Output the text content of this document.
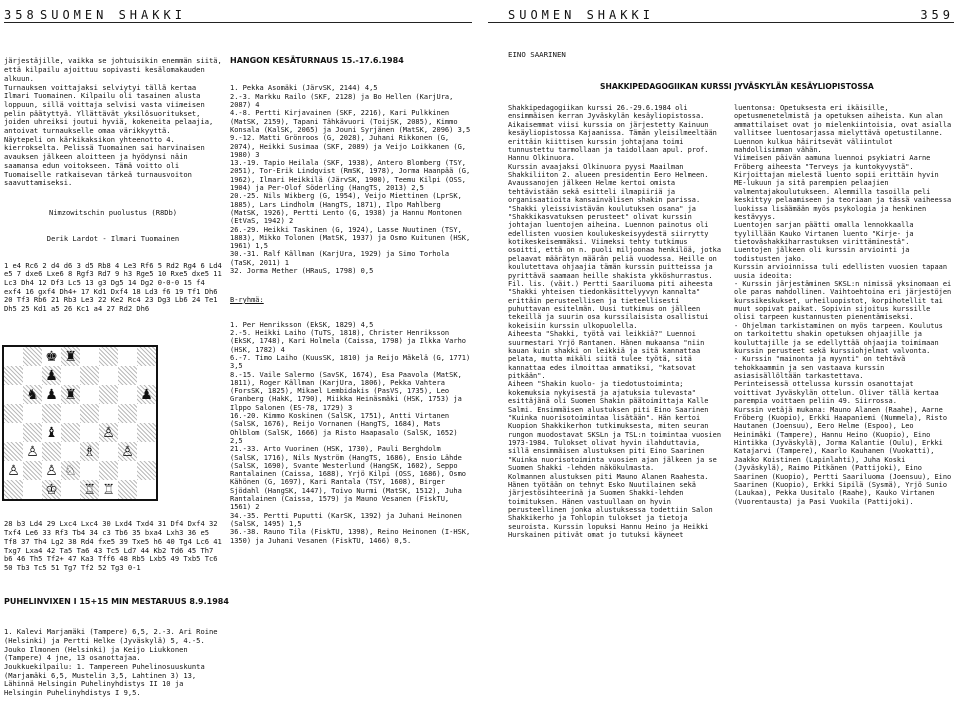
358 SUOMEN SHAKKI

järjestäjille, vaikka se johtuisikin enemmän siitä, että kilpailu ajoittuu sopivasti kesälomakauden alkuun.
Turnauksen voittajaksi selviytyi tällä kertaa Ilmari Tuomainen. Kilpailu oli tasainen alusta loppuun, sillä voittaja selvisi vasta viimeisen pelin päätyttyä. Yllättävät yksilösuoritukset, joiden uhreiksi joutui hyviä, kokeneita pelaajia, antoivat turnaukselle omaa värikkyyttä.
Näytepeli on kärkikaksikon yhteenotto 4. kierrokselta. Pelissä Tuomainen sai harvinaisen avauksen jälkeen aloitteen ja hyödynsi näin saamansa edun voitokseen. Tämä voitto oli Tuomaiselle ratkaisevan tärkeä turnausvoiton saavuttamiseksi.

Nimzowitschin puolustus (R8Db)

Derik Lardot - Ilmari Tuomainen

1 e4 Rc6 2 d4 d6 3 d5 Rb8 4 Le3 Rf6 5 Rd2 Rg4 6 Ld4 e5 7 dxe6 Lxe6 8 Rgf3 Rd7 9 h3 Rge5 10 Rxe5 dxe5 11 Lc3 Dh4 12 Df3 Lc5 13 g3 Dg5 14 Dg2 0-0-0 15 f4 exf4 16 gxf4 Dh4+ 17 Kd1 Dxf4 18 Ld3 f6 19 Tf1 Dh6 20 Tf3 Rb6 21 Rb3 Le3 22 Ke2 Rc4 23 Dg3 Lb6 24 Te1 Dh5 25 Kd1 a5 26 Kc1 a4 27 Rd2 Dh6

♚ ♜
♟
♞ ♟ ♜	♟
♝	♙
♙	♗ ♙
♙ ♙ ♘
♔ ♖ ♖

28 b3 Ld4 29 Lxc4 Lxc4 30 Lxd4 Txd4 31 Df4 Dxf4 32 Txf4 Le6 33 Rf3 Tb4 34 c3 Tb6 35 bxa4 Lxh3 36 e5 Tf8 37 Th4 Lg2 38 Rd4 fxe5 39 Txe5 h6 40 Tg4 Lc6 41 Txg7 Lxa4 42 Ta5 Ta6 43 Tc5 Ld7 44 Kb2 Td6 45 Th7 b6 46 Th5 Tf2+ 47 Ka3 Tff6 48 Rb5 Lxb5 49 Txb5 Tc6 50 Tb3 Tc5 51 Tg7 Tf2 52 Tg3 0-1

PUHELINVIXEN I 15+15 MIN MESTARUUS 8.9.1984

1. Kalevi Marjamäki (Tampere) 6,5, 2.-3. Ari Roine (Helsinki) ja Pertti Helke (Jyväskylä) 5, 4.-5. Jouko Ilmonen (Helsinki) ja Keijo Liukkonen (Tampere) 4 jne, 13 osanottajaa.
Joukkuekilpailu: 1. Tampereen Puhelinosuuskunta (Marjamäki 6,5, Mustelin 3,5, Lahtinen 3) 13, Lähinnä Helsingin Puhelinyhdistys II 10 ja Helsingin Puhelinyhdistys I 9,5.

HANGON KESÄTURNAUS 15.-17.6.1984

1. Pekka Asomäki (JärvSK, 2144) 4,5
2.-3. Markku Railo (SKF, 2128) ja Bo Hellen (KarjUra, 2087) 4
4.-8. Pertti Kirjavainen (SKF, 2216), Kari Pulkkinen (MatSK, 2159), Tapani Tähkävuori (ToijSK, 2085), Kimmo Konsala (KalSK, 2065) ja Jouni Syrjänen (MatSK, 2096) 3,5
9.-12. Matti Grönroos (G, 2028), Juhani Rikkonen (G, 2074), Heikki Susimaa (SKF, 2089) ja Veijo Loikkanen (G, 1980) 3
13.-19. Tapio Heilala (SKF, 1938), Antero Blomberg (TSY, 2051), Tor-Erik Lindqvist (RmSK, 1978), Jorma Haanpää (G, 1962), Ilmari Heikkilä (JärvSK, 1900), Teemu Kilpi (OSS, 1904) ja Per-Olof Söderling (HangTS, 2013) 2,5
20.-25. Nils Wikberg (G, 1954), Veijo Miettinen (LprSK, 1885), Lars Lindholm (HangTS, 1871), Ilpo Mahlberg (MatSK, 1926), Pertti Lento (G, 1938) ja Hannu Montonen (EtVaS, 1942) 2
26.-29. Heikki Taskinen (G, 1924), Lasse Nuutinen (TSY, 1883), Mikko Tolonen (MatSK, 1937) ja Osmo Kuitunen (HSK, 1961) 1,5
30.-31. Ralf Källman (KarjUra, 1929) ja Simo Torhola (TaSK, 2011) 1
32. Jorma Mether (HRauS, 1798) 0,5

B-ryhmä:

1. Per Henriksson (EkSK, 1829) 4,5
2.-5. Heikki Laiho (TuTS, 1818), Christer Henriksson (EkSK, 1748), Kari Holmela (Caissa, 1798) ja Ilkka Varho (HSK, 1782) 4
6.-7. Timo Laiho (KuusSK, 1810) ja Reijo Mäkelä (G, 1771) 3,5
8.-15. Vaile Salermo (SavSK, 1674), Esa Paavola (MatSK, 1811), Roger Källman (KarjUra, 1806), Pekka Vahtera (ForsSK, 1825), Mikael Lembidakis (PasVS, 1735), Leo Granberg (HakK, 1790), Miikka Heinäsmäki (HSK, 1753) ja Ilppo Salonen (ES-78, 1729) 3
16.-20. Kimmo Koskinen (SalSK, 1751), Antti Virtanen (SalSK, 1676), Reijo Vornanen (HangTS, 1684), Mats Ohlblom (SalSK, 1666) ja Risto Haapasalo (SalSK, 1652) 2,5
21.-33. Arto Vuorinen (HSK, 1730), Pauli Berghdolm (SalSK, 1716), Nils Nyström (HangTS, 1686), Ensio Lähde (SalSK, 1690), Svante Westerlund (HangSK, 1602), Seppo Rantalainen (Caissa, 1688), Yrjö Kilpi (OSS, 1686), Osmo Kähönen (G, 1697), Kari Rantala (TSY, 1608), Birger Sjödahl (HangSK, 1447), Toivo Nurmi (MatSK, 1512), Juha Rantalainen (Caissa, 1579) ja Mauno Vesanen (FiskTU, 1561) 2
34.-35. Pertti Puputti (KarSK, 1392) ja Juhani Heinonen (SalSK, 1495) 1,5
36.-38. Rauno Tila (FiskTU, 1398), Reino Heinonen (I-HSK, 1350) ja Juhani Vesanen (FiskTU, 1466) 0,5.

SUOMEN SHAKKI	359
EINO SAARINEN
SHAKKIPEDAGOGIIKAN KURSSI JYVÄSKYLÄN KESÄYLIOPISTOSSA
Shakkipedagogiikan kurssi 26.-29.6.1984 oli ensimmäisen kerran Jyväskylän kesäyliopistossa. Aikaisemmat viisi kurssia on järjestetty Kainuun kesäyliopistossa Kajaanissa. Tämän yleisilmeeltään erittäin kiittisen kurssin johtajana toimi tunnustettu tarmollaan ja taidollaan apul. prof. Hannu Olkinuora.
Kurssin avaajaksi Olkinuora pyysi Maailman Shakkiliiton 2. alueen presidentin Eero Helmeen. Avaussanojen jälkeen Helme kertoi omista tehtävistään sekä esitteli ilmapiiriä ja organisaatioita kansainvälisen shakin parissa.
"Shakki yleissivistävän koulutuksen osana" ja "Shakkikasvatuksen perusteet" olivat kurssin johtajan luentojen aiheina. Luennon painotus oli edellisten vuosien koulukeskeisyydestä siirrytty kotikeskeisemmäksi. Viimeksi tehty tutkimus osoitti, että on n. puoli miljoonaa henkilöä, jotka pelaavat määrätyn määrän peliä vuodessa. Heille on koulutettava ohjaajia tämän kurssin puitteissa ja pyrittävä saamaan heille shakista ykköshurrastus.
Fil. lis. (väit.) Pertti Saariluoma piti aiheesta "Shakki yhteisen tiedonkäsittelyyvyn kannalta" erittäin perusteellisen ja tieteellisesti puhuttavan esitelmän. Uusi tutkimus on jälleen tekeillä ja suurin osa kurssilaisista osallistui kokeisiin kurssin ulkopuolella.
Aiheesta "Shakki, työtä vai leikkiä?" Luennoi suurmestari Yrjö Rantanen. Hänen mukaansa "niin kauan kuin shakki on leikkiä ja sitä kannattaa pelata, mutta mikäli siitä tulee työtä, sitä kannattaa edes ilmoittaa ammatiksi, "katsovat pitkään".
Aiheen "Shakin kuolo- ja tiedotustoiminta; kokemuksia nykyisestä ja ajatuksia tulevasta" esittäjänä oli Suomen Shakin päätoimittaja Kalle Salmi. Ensimmäisen alustuksen piti Eino Saarinen "Kuinka nuorisotoimintaa lisätään". Hän kertoi Kuopion Shakkikerhon tutkimuksesta, miten seuran rungon muodostavat SKSLn ja TSL:n toimintaa vuosien 1973-1984. Tulokset olivat hyvin ilahduttavia, sillä ensimmäisen alustuksen piti Eino Saarinen "Kuinka nuorisotoiminta vuosien ajan jälkeen ja se Suomen Shakki -lehden näkökulmasta.
Kolmannen alustuksen piti Mauno Alanen Raahesta. Hänen työtään on tehnyt Esko Nuutilainen sekä järjestösihteerinä ja Suomen Shakki-lehden toimituksen. Hänen vastuullaan on hyvin perusteellinen jonka alustuksessa todettiin Salon Shakkikerho ja Tohlopin tulokset ja tietoja seuroista. Kurssin lopuksi Hannu Heino ja Heikki Hurskainen pitivät omat jo tutuksi käyneet
luentonsa: Opetuksesta eri ikäisille, opetusmenetelmistä ja opetuksen aiheista. Kun alan ammattilaiset ovat jo mielenkiintoisia, ovat asialla vallitsee luentosarjassa mielyttävä opetustilanne. Luennon kulkua häiritsevät väliintulot mahdollisimman vähän.
Viimeisen päivän aamuna luennoi psykiatri Aarne Fröberg aiheesta "Terveys ja kuntokyvystä". Kirjoittajan mielestä luento sopii erittäin hyvin ME-lukuun ja sitä parempien pelaajien valmentajakoulutukseen. Alemmilla tasoilla peli keskittyy pelaamiseen ja teoriaan ja tässä vaiheessa luokissa lisäämään myös psykologia ja henkinen kestävyys.
Luentojen sarjan päätti omalla lennokkaalla tyylillään Kauko Virtanen luento "Kirje- ja tietoväshakkiharrastuksen virittäminestä".
Luentojen jälkeen oli kurssin arviointi ja todistusten jako.
Kurssin arvioinnissa tuli edellisten vuosien tapaan uusia ideoita:
- Kurssin järjestäminen SKSL:n nimissä yksinomaan ei ole paras mahdollinen. Vaihtoehtoina eri järjestöjen kurssikeskukset, urheiluopistot, korpihotellit tai muut sopivat paikat. Sopivin sijoitus kurssille olisi tarpeen kustannusten pienentämiseksi.
- Ohjelman tarkistaminen on myös tarpeen. Koulutus on tarkoitettu shakin opetuksen ohjaajille ja kouluttajille ja se edellyttää ohjaajia toimimaan kurssin perusteet sekä kurssiohjelmat valvonta.
- Kurssin "mainonta ja myynti" on tehtävä tehokkaammin ja sen vastaava kurssin asiasisällöltään tarkastettava.
Perinteisessä ottelussa kurssin osanottajat voittivat Jyväskylän ottelun. Oliver tällä kertaa parempia voittaen peliin 49. Siirrossa.
Kurssin vetäjä mukana: Mauno Alanen (Raahe), Aarne Fröberg (Kuopio), Erkki Haapaniemi (Nummela), Risto Hautanen (Joensuu), Eero Helme (Espoo), Leo Heinimäki (Tampere), Hannu Heino (Kuopio), Eino Hintikka (Jyväskylä), Jorma Kalantie (Oulu), Erkki Katajarvi (Tampere), Kaarlo Kauhanen (Vuokatti), Jaakko Koistinen (Lapinlahti), Juha Koski (Jyväskylä), Raimo Pitkänen (Pattijoki), Eino Saarinen (Kuopio), Pertti Saariluoma (Joensuu), Eino Saarinen (Kuopio), Erkki Sipilä (Sysmä), Yrjö Sunio (Laukaa), Pekka Uusitalo (Raahe), Kauko Virtanen (Vuorentausta) ja Pasi Vuokila (Pattijoki).
